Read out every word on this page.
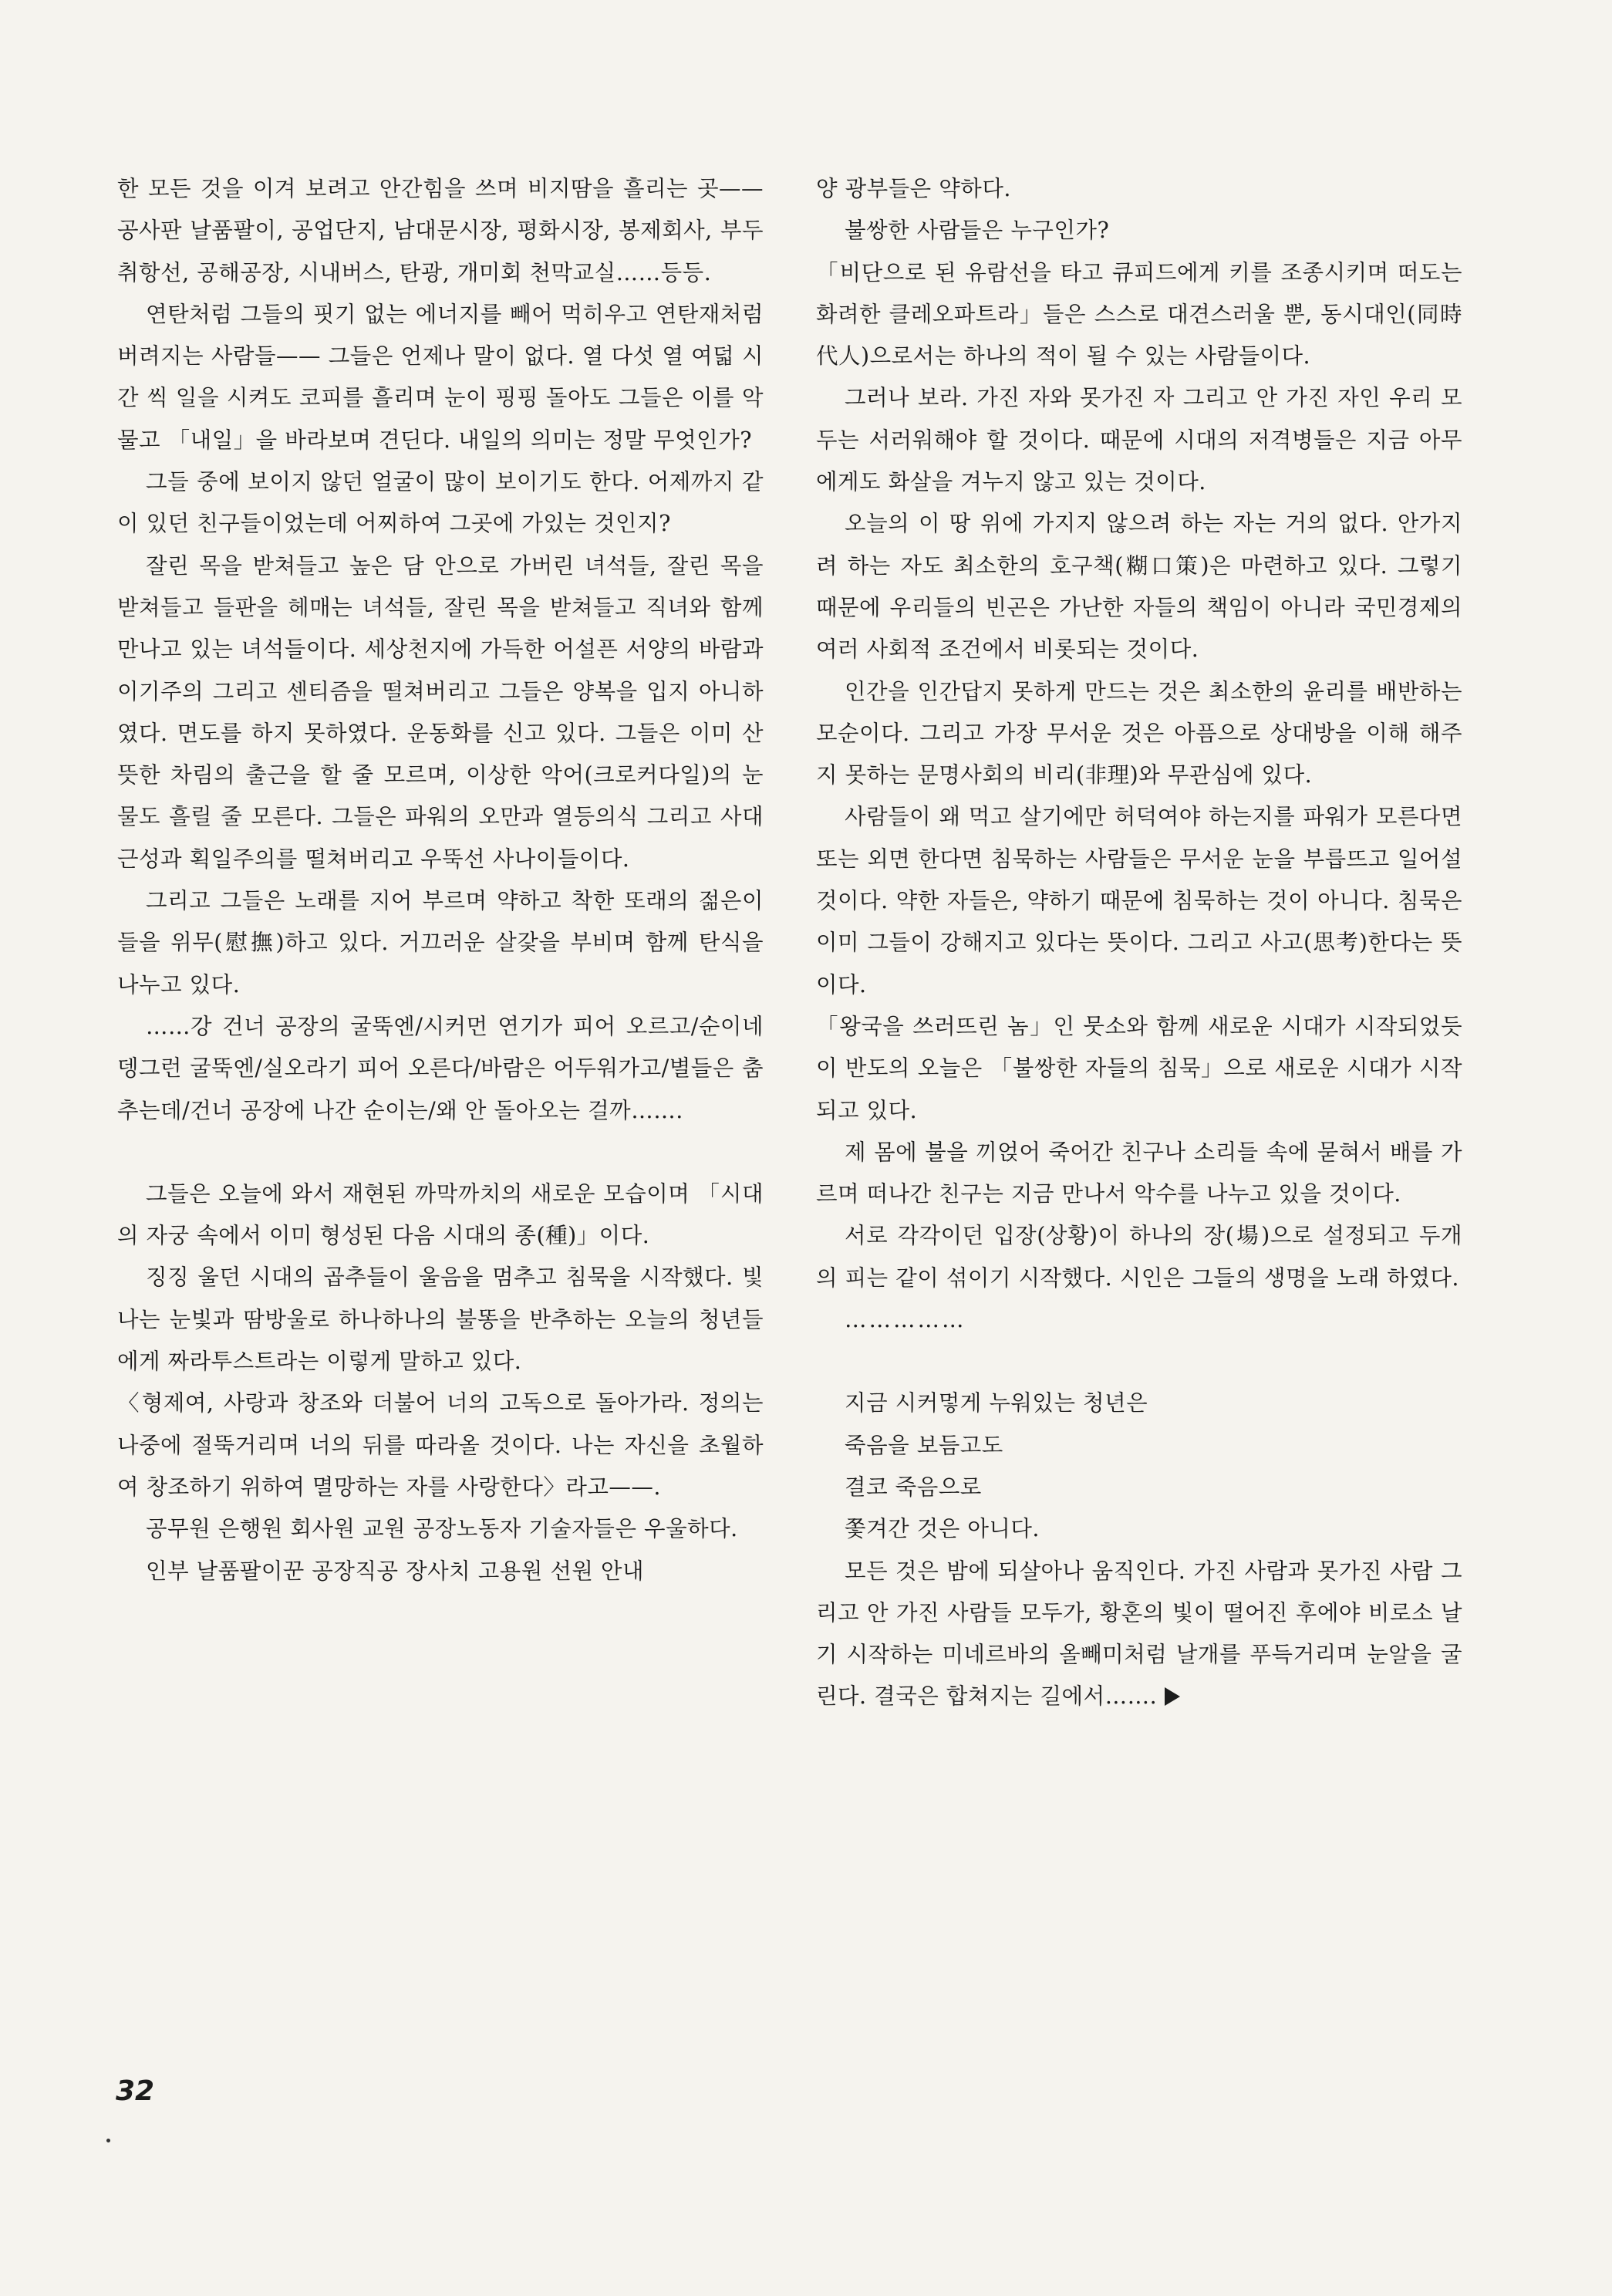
한 모든 것을 이겨 보려고 안간힘을 쓰며 비지땀을 흘리는 곳——공사판 날품팔이, 공업단지, 남대문시장, 평화시장, 봉제회사, 부두 취항선, 공해공장, 시내버스, 탄광, 개미회 천막교실……등등.

연탄처럼 그들의 핏기 없는 에너지를 빼어 먹히우고 연탄재처럼 버려지는 사람들—— 그들은 언제나 말이 없다. 열 다섯 열 여덟 시간 씩 일을 시켜도 코피를 흘리며 눈이 핑핑 돌아도 그들은 이를 악물고 「내일」을 바라보며 견딘다. 내일의 의미는 정말 무엇인가?

그들 중에 보이지 않던 얼굴이 많이 보이기도 한다. 어제까지 같이 있던 친구들이었는데 어찌하여 그곳에 가있는 것인지?

잘린 목을 받쳐들고 높은 담 안으로 가버린 녀석들, 잘린 목을 받쳐들고 들판을 헤매는 녀석들, 잘린 목을 받쳐들고 직녀와 함께 만나고 있는 녀석들이다. 세상천지에 가득한 어설픈 서양의 바람과 이기주의 그리고 센티즘을 떨쳐버리고 그들은 양복을 입지 아니하였다. 면도를 하지 못하였다. 운동화를 신고 있다. 그들은 이미 산뜻한 차림의 출근을 할 줄 모르며, 이상한 악어(크로커다일)의 눈물도 흘릴 줄 모른다. 그들은 파워의 오만과 열등의식 그리고 사대근성과 획일주의를 떨쳐버리고 우뚝선 사나이들이다.

그리고 그들은 노래를 지어 부르며 약하고 착한 또래의 젊은이들을 위무(慰撫)하고 있다. 거끄러운 살갗을 부비며 함께 탄식을 나누고 있다.

……강 건너 공장의 굴뚝엔/시커먼 연기가 피어 오르고/순이네 뎅그런 굴뚝엔/실오라기 피어 오른다/바람은 어두워가고/별들은 춤추는데/건너 공장에 나간 순이는/왜 안 돌아오는 걸까…….

그들은 오늘에 와서 재현된 까막까치의 새로운 모습이며 「시대의 자궁 속에서 이미 형성된 다음 시대의 종(種)」이다.

징징 울던 시대의 곱추들이 울음을 멈추고 침묵을 시작했다. 빛나는 눈빛과 땀방울로 하나하나의 불똥을 반추하는 오늘의 청년들에게 짜라투스트라는 이렇게 말하고 있다.

〈형제여, 사랑과 창조와 더불어 너의 고독으로 돌아가라. 정의는 나중에 절뚝거리며 너의 뒤를 따라올 것이다. 나는 자신을 초월하여 창조하기 위하여 멸망하는 자를 사랑한다〉라고——.

공무원 은행원 회사원 교원 공장노동자 기술자들은 우울하다.

인부 날품팔이꾼 공장직공 장사치 고용원 선원 안내

양 광부들은 약하다.

불쌍한 사람들은 누구인가?

「비단으로 된 유람선을 타고 큐피드에게 키를 조종시키며 떠도는 화려한 클레오파트라」들은 스스로 대견스러울 뿐, 동시대인(同時代人)으로서는 하나의 적이 될 수 있는 사람들이다.

그러나 보라. 가진 자와 못가진 자 그리고 안 가진 자인 우리 모두는 서러워해야 할 것이다. 때문에 시대의 저격병들은 지금 아무에게도 화살을 겨누지 않고 있는 것이다.

오늘의 이 땅 위에 가지지 않으려 하는 자는 거의 없다. 안가지려 하는 자도 최소한의 호구책(糊口策)은 마련하고 있다. 그렇기 때문에 우리들의 빈곤은 가난한 자들의 책임이 아니라 국민경제의 여러 사회적 조건에서 비롯되는 것이다.

인간을 인간답지 못하게 만드는 것은 최소한의 윤리를 배반하는 모순이다. 그리고 가장 무서운 것은 아픔으로 상대방을 이해 해주지 못하는 문명사회의 비리(非理)와 무관심에 있다.

사람들이 왜 먹고 살기에만 허덕여야 하는지를 파워가 모른다면 또는 외면 한다면 침묵하는 사람들은 무서운 눈을 부릅뜨고 일어설 것이다. 약한 자들은, 약하기 때문에 침묵하는 것이 아니다. 침묵은 이미 그들이 강해지고 있다는 뜻이다. 그리고 사고(思考)한다는 뜻이다.

「왕국을 쓰러뜨린 놈」인 뭇소와 함께 새로운 시대가 시작되었듯이 반도의 오늘은 「불쌍한 자들의 침묵」으로 새로운 시대가 시작되고 있다.

제 몸에 불을 끼얹어 죽어간 친구나 소리들 속에 묻혀서 배를 가르며 떠나간 친구는 지금 만나서 악수를 나누고 있을 것이다.

서로 각각이던 입장(상황)이 하나의 장(場)으로 설정되고 두개의 피는 같이 섞이기 시작했다. 시인은 그들의 생명을 노래 하였다.

……………

지금 시커멓게 누워있는 청년은

죽음을 보듬고도

결코 죽음으로

쫓겨간 것은 아니다.

모든 것은 밤에 되살아나 움직인다. 가진 사람과 못가진 사람 그리고 안 가진 사람들 모두가, 황혼의 빛이 떨어진 후에야 비로소 날기 시작하는 미네르바의 올빼미처럼 날개를 푸득거리며 눈알을 굴린다. 결국은 합쳐지는 길에서…….

32
